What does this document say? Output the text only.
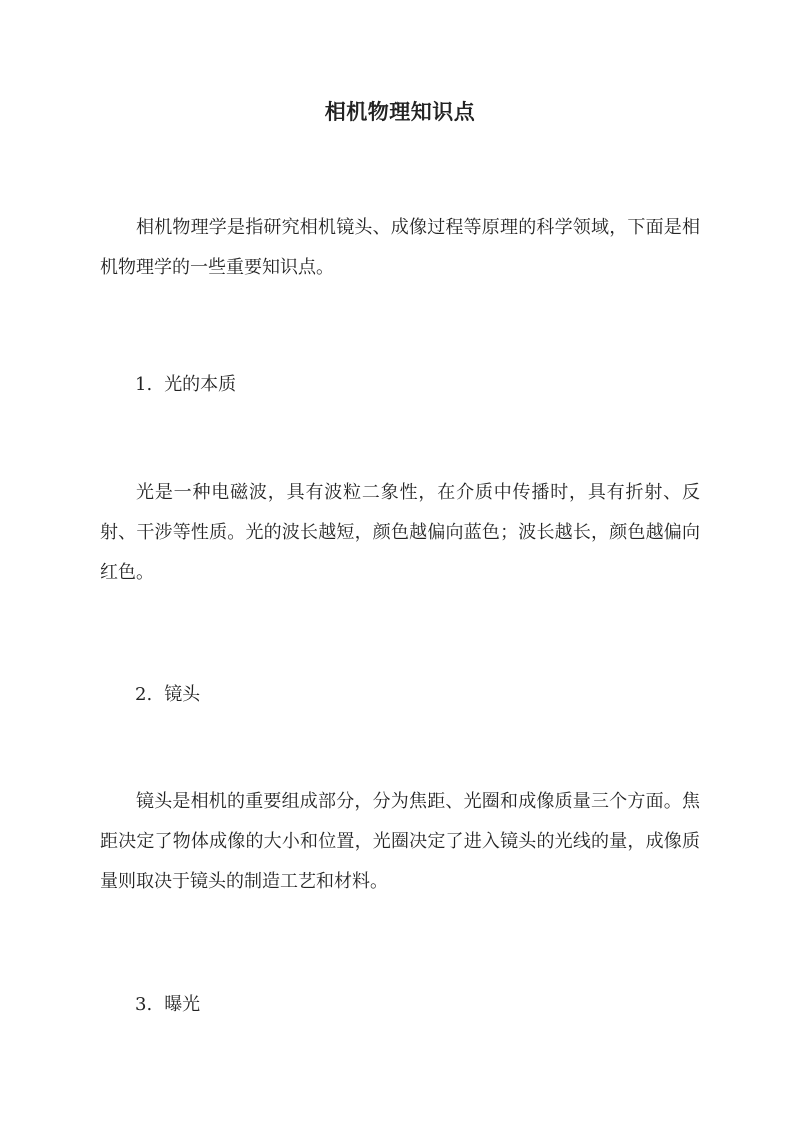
相机物理知识点

相机物理学是指研究相机镜头、成像过程等原理的科学领域，下面是相机物理学的一些重要知识点。

1. 光的本质

光是一种电磁波，具有波粒二象性，在介质中传播时，具有折射、反射、干涉等性质。光的波长越短，颜色越偏向蓝色；波长越长，颜色越偏向红色。

2. 镜头

镜头是相机的重要组成部分，分为焦距、光圈和成像质量三个方面。焦距决定了物体成像的大小和位置，光圈决定了进入镜头的光线的量，成像质量则取决于镜头的制造工艺和材料。

3. 曝光
